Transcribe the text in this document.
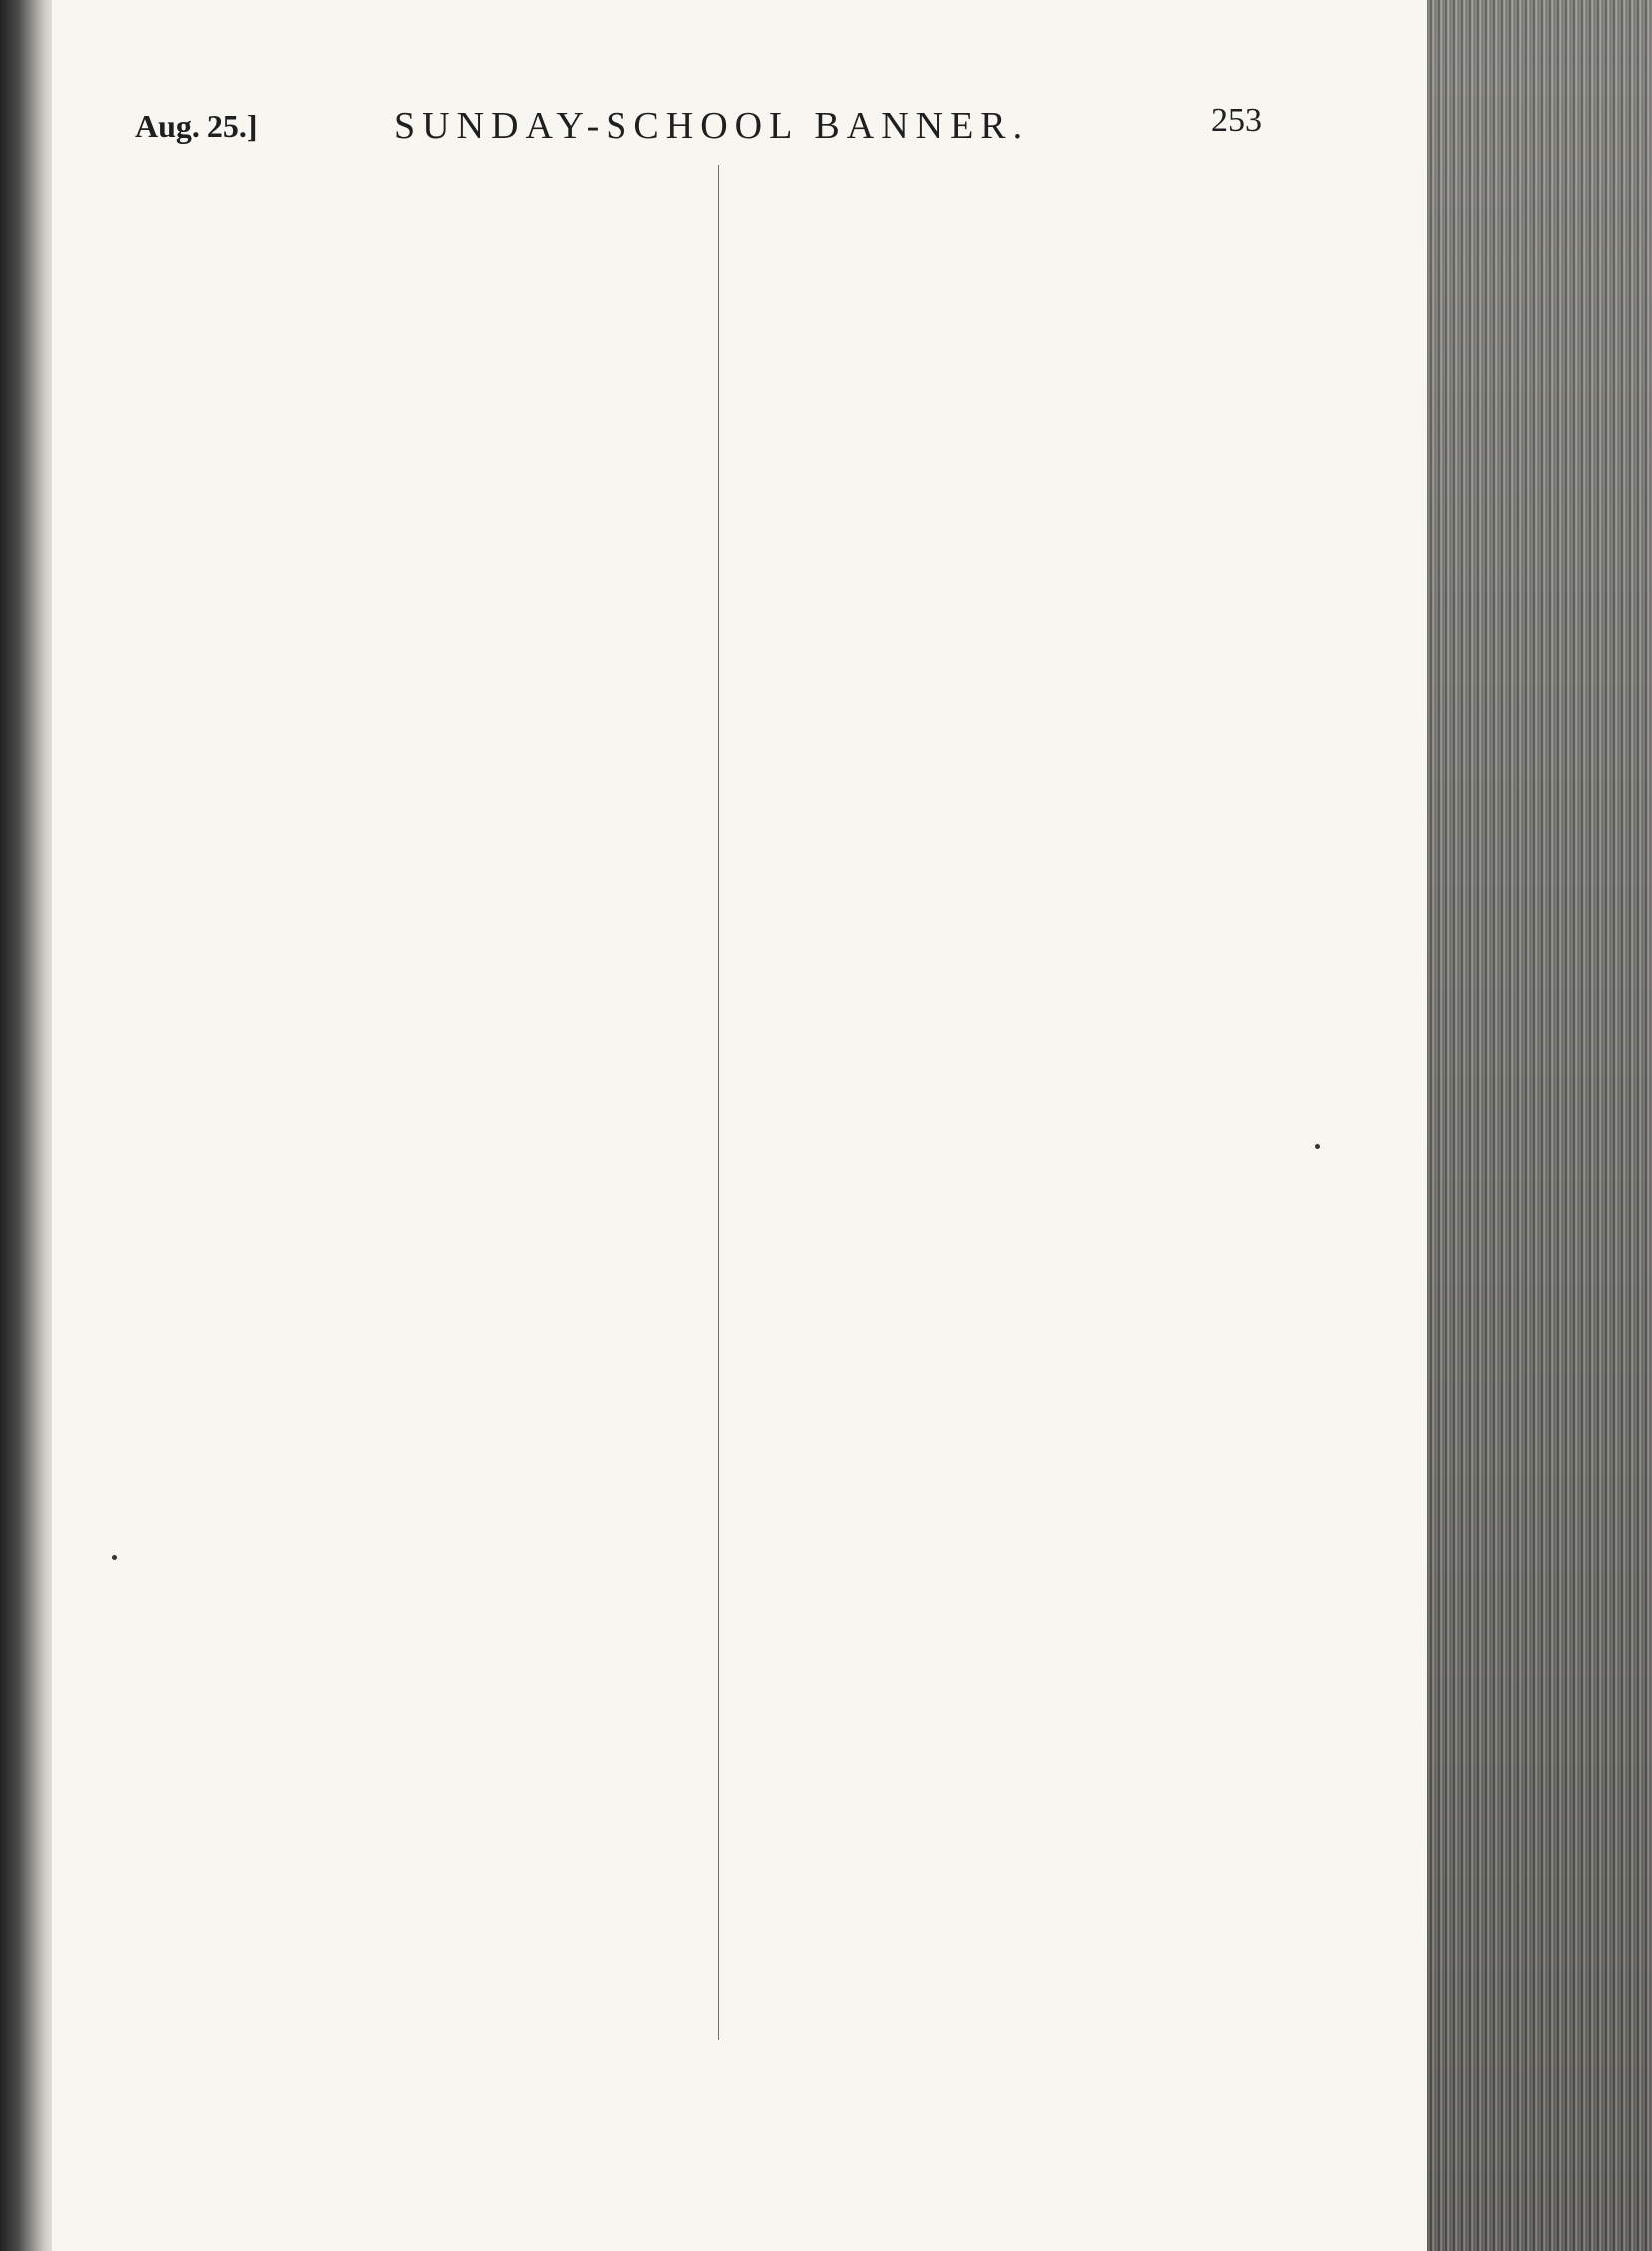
Aug. 25.]	SUNDAY-SCHOOL BANNER.	253
